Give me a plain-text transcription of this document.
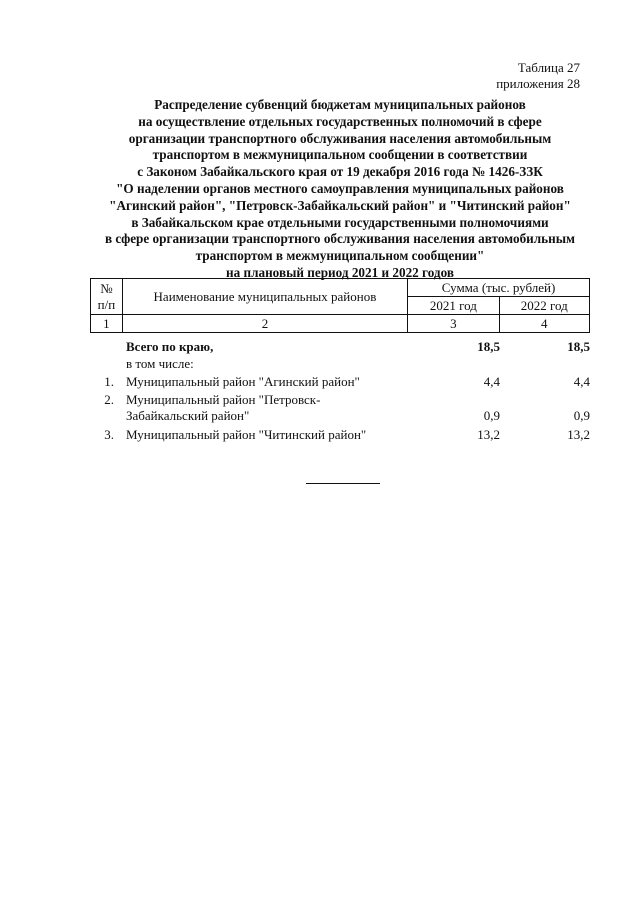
Таблица 27
приложения 28
Распределение субвенций бюджетам муниципальных районов
на осуществление отдельных государственных полномочий в сфере
организации транспортного обслуживания населения автомобильным
транспортом в межмуниципальном сообщении в соответствии
с Законом Забайкальского края от 19 декабря 2016 года № 1426-ЗЗК
"О наделении органов местного самоуправления муниципальных районов
"Агинский район", "Петровск-Забайкальский район" и "Читинский район"
в Забайкальском крае отдельными государственными полномочиями
в сфере организации транспортного обслуживания населения автомобильным
транспортом в межмуниципальном сообщении"
на плановый период 2021 и 2022 годов
№
п/п	Наименование муниципальных районов	Сумма (тыс. рублей)	
		2021 год	2022 год
1	2	3	4
Всего по краю,	18,5	18,5
в том числе:
1. Муниципальный район "Агинский район"	4,4	4,4
2. Муниципальный район "Петровск-
Забайкальский район"	0,9	0,9
3. Муниципальный район "Читинский район"	13,2	13,2
